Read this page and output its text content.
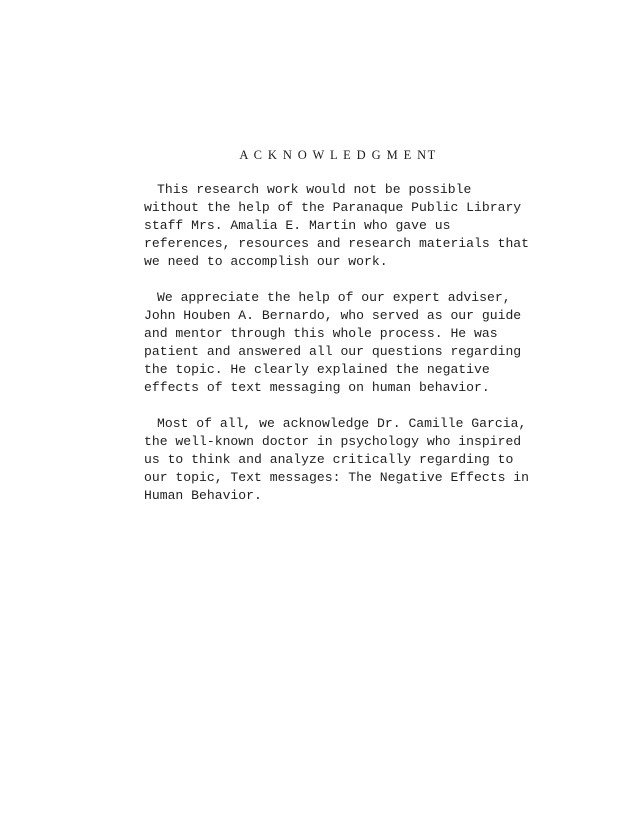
A C K N O W L E D G M E NT
This research work would not be possible
without the help of the Paranaque Public Library
staff Mrs. Amalia E. Martin who gave us
references, resources and research materials that
we need to accomplish our work.
We appreciate the help of our expert adviser,
John Houben A. Bernardo, who served as our guide
and mentor through this whole process. He was
patient and answered all our questions regarding
the topic. He clearly explained the negative
effects of text messaging on human behavior.
Most of all, we acknowledge Dr. Camille Garcia,
the well-known doctor in psychology who inspired
us to think and analyze critically regarding to
our topic, Text messages: The Negative Effects in
Human Behavior.
